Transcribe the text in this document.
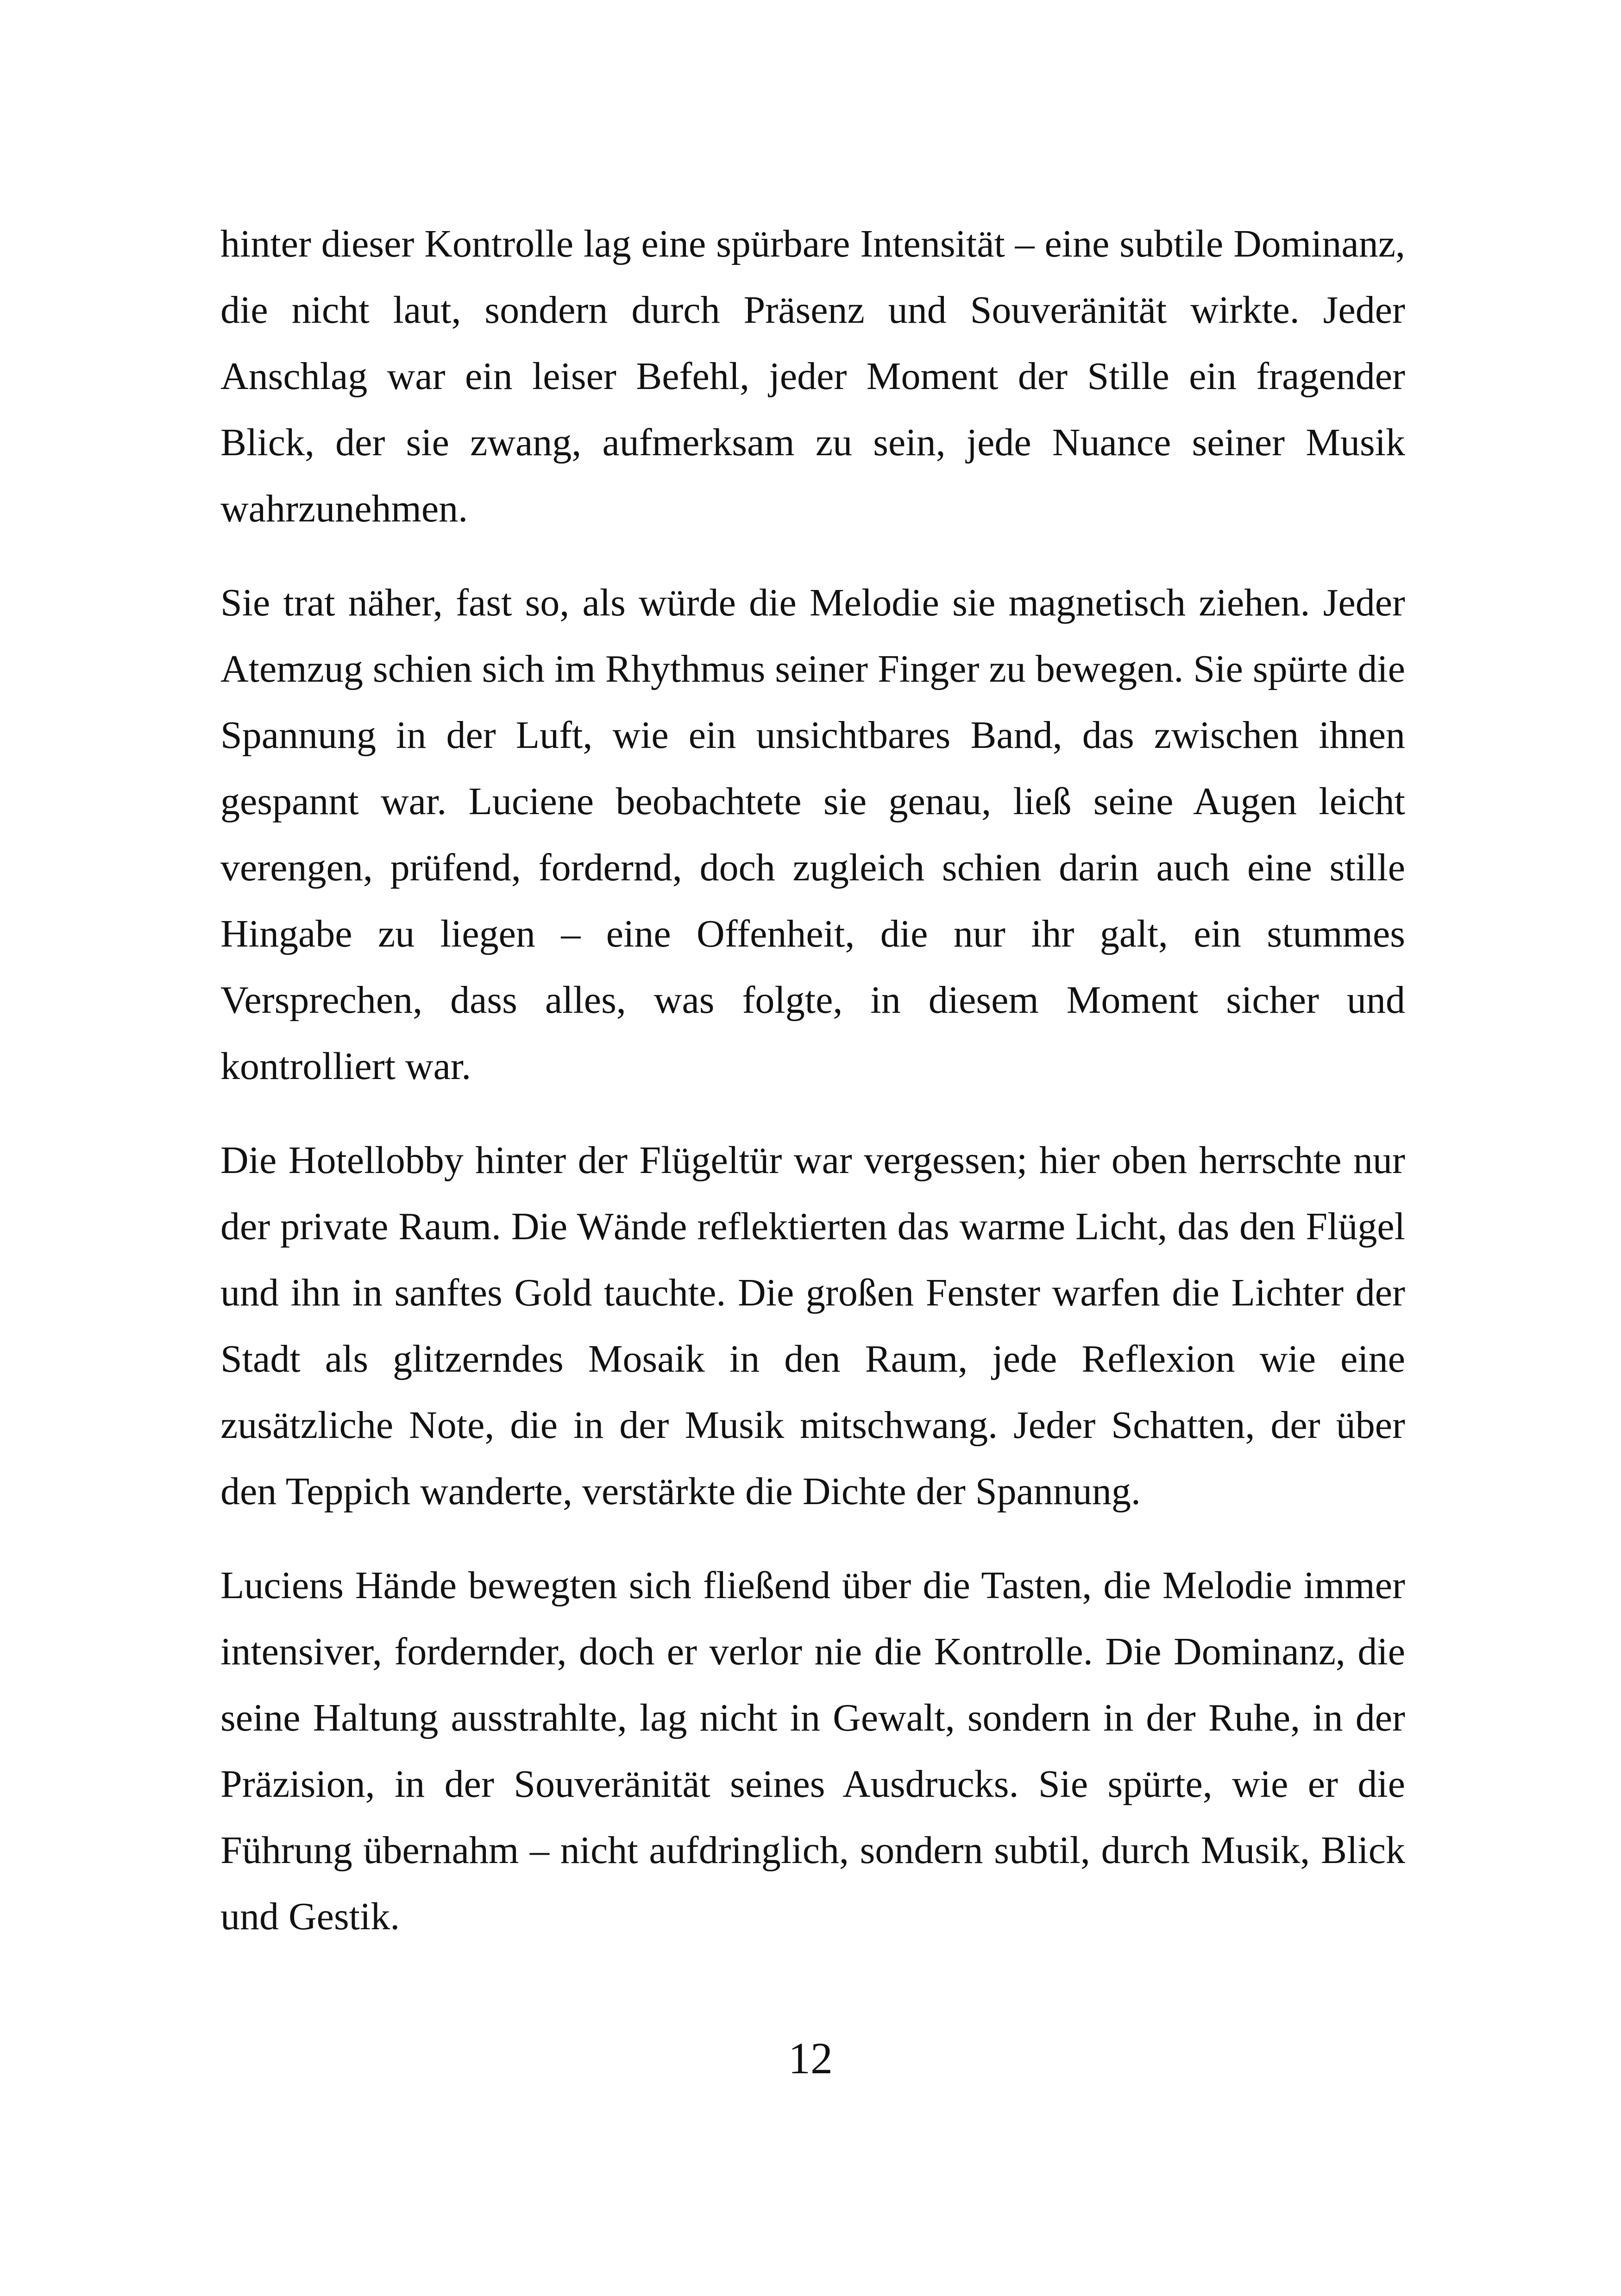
hinter dieser Kontrolle lag eine spürbare Intensität – eine subtile Dominanz, die nicht laut, sondern durch Präsenz und Souveränität wirkte. Jeder Anschlag war ein leiser Befehl, jeder Moment der Stille ein fragender Blick, der sie zwang, aufmerksam zu sein, jede Nuance seiner Musik wahrzunehmen.

Sie trat näher, fast so, als würde die Melodie sie magnetisch ziehen. Jeder Atemzug schien sich im Rhythmus seiner Finger zu bewegen. Sie spürte die Spannung in der Luft, wie ein unsichtbares Band, das zwischen ihnen gespannt war. Luciene beobachtete sie genau, ließ seine Augen leicht verengen, prüfend, fordernd, doch zugleich schien darin auch eine stille Hingabe zu liegen – eine Offenheit, die nur ihr galt, ein stummes Versprechen, dass alles, was folgte, in diesem Moment sicher und kontrolliert war.

Die Hotellobby hinter der Flügeltür war vergessen; hier oben herrschte nur der private Raum. Die Wände reflektierten das warme Licht, das den Flügel und ihn in sanftes Gold tauchte. Die großen Fenster warfen die Lichter der Stadt als glitzerndes Mosaik in den Raum, jede Reflexion wie eine zusätzliche Note, die in der Musik mitschwang. Jeder Schatten, der über den Teppich wanderte, verstärkte die Dichte der Spannung.

Luciens Hände bewegten sich fließend über die Tasten, die Melodie immer intensiver, fordernder, doch er verlor nie die Kontrolle. Die Dominanz, die seine Haltung ausstrahlte, lag nicht in Gewalt, sondern in der Ruhe, in der Präzision, in der Souveränität seines Ausdrucks. Sie spürte, wie er die Führung übernahm – nicht aufdringlich, sondern subtil, durch Musik, Blick und Gestik.

12
